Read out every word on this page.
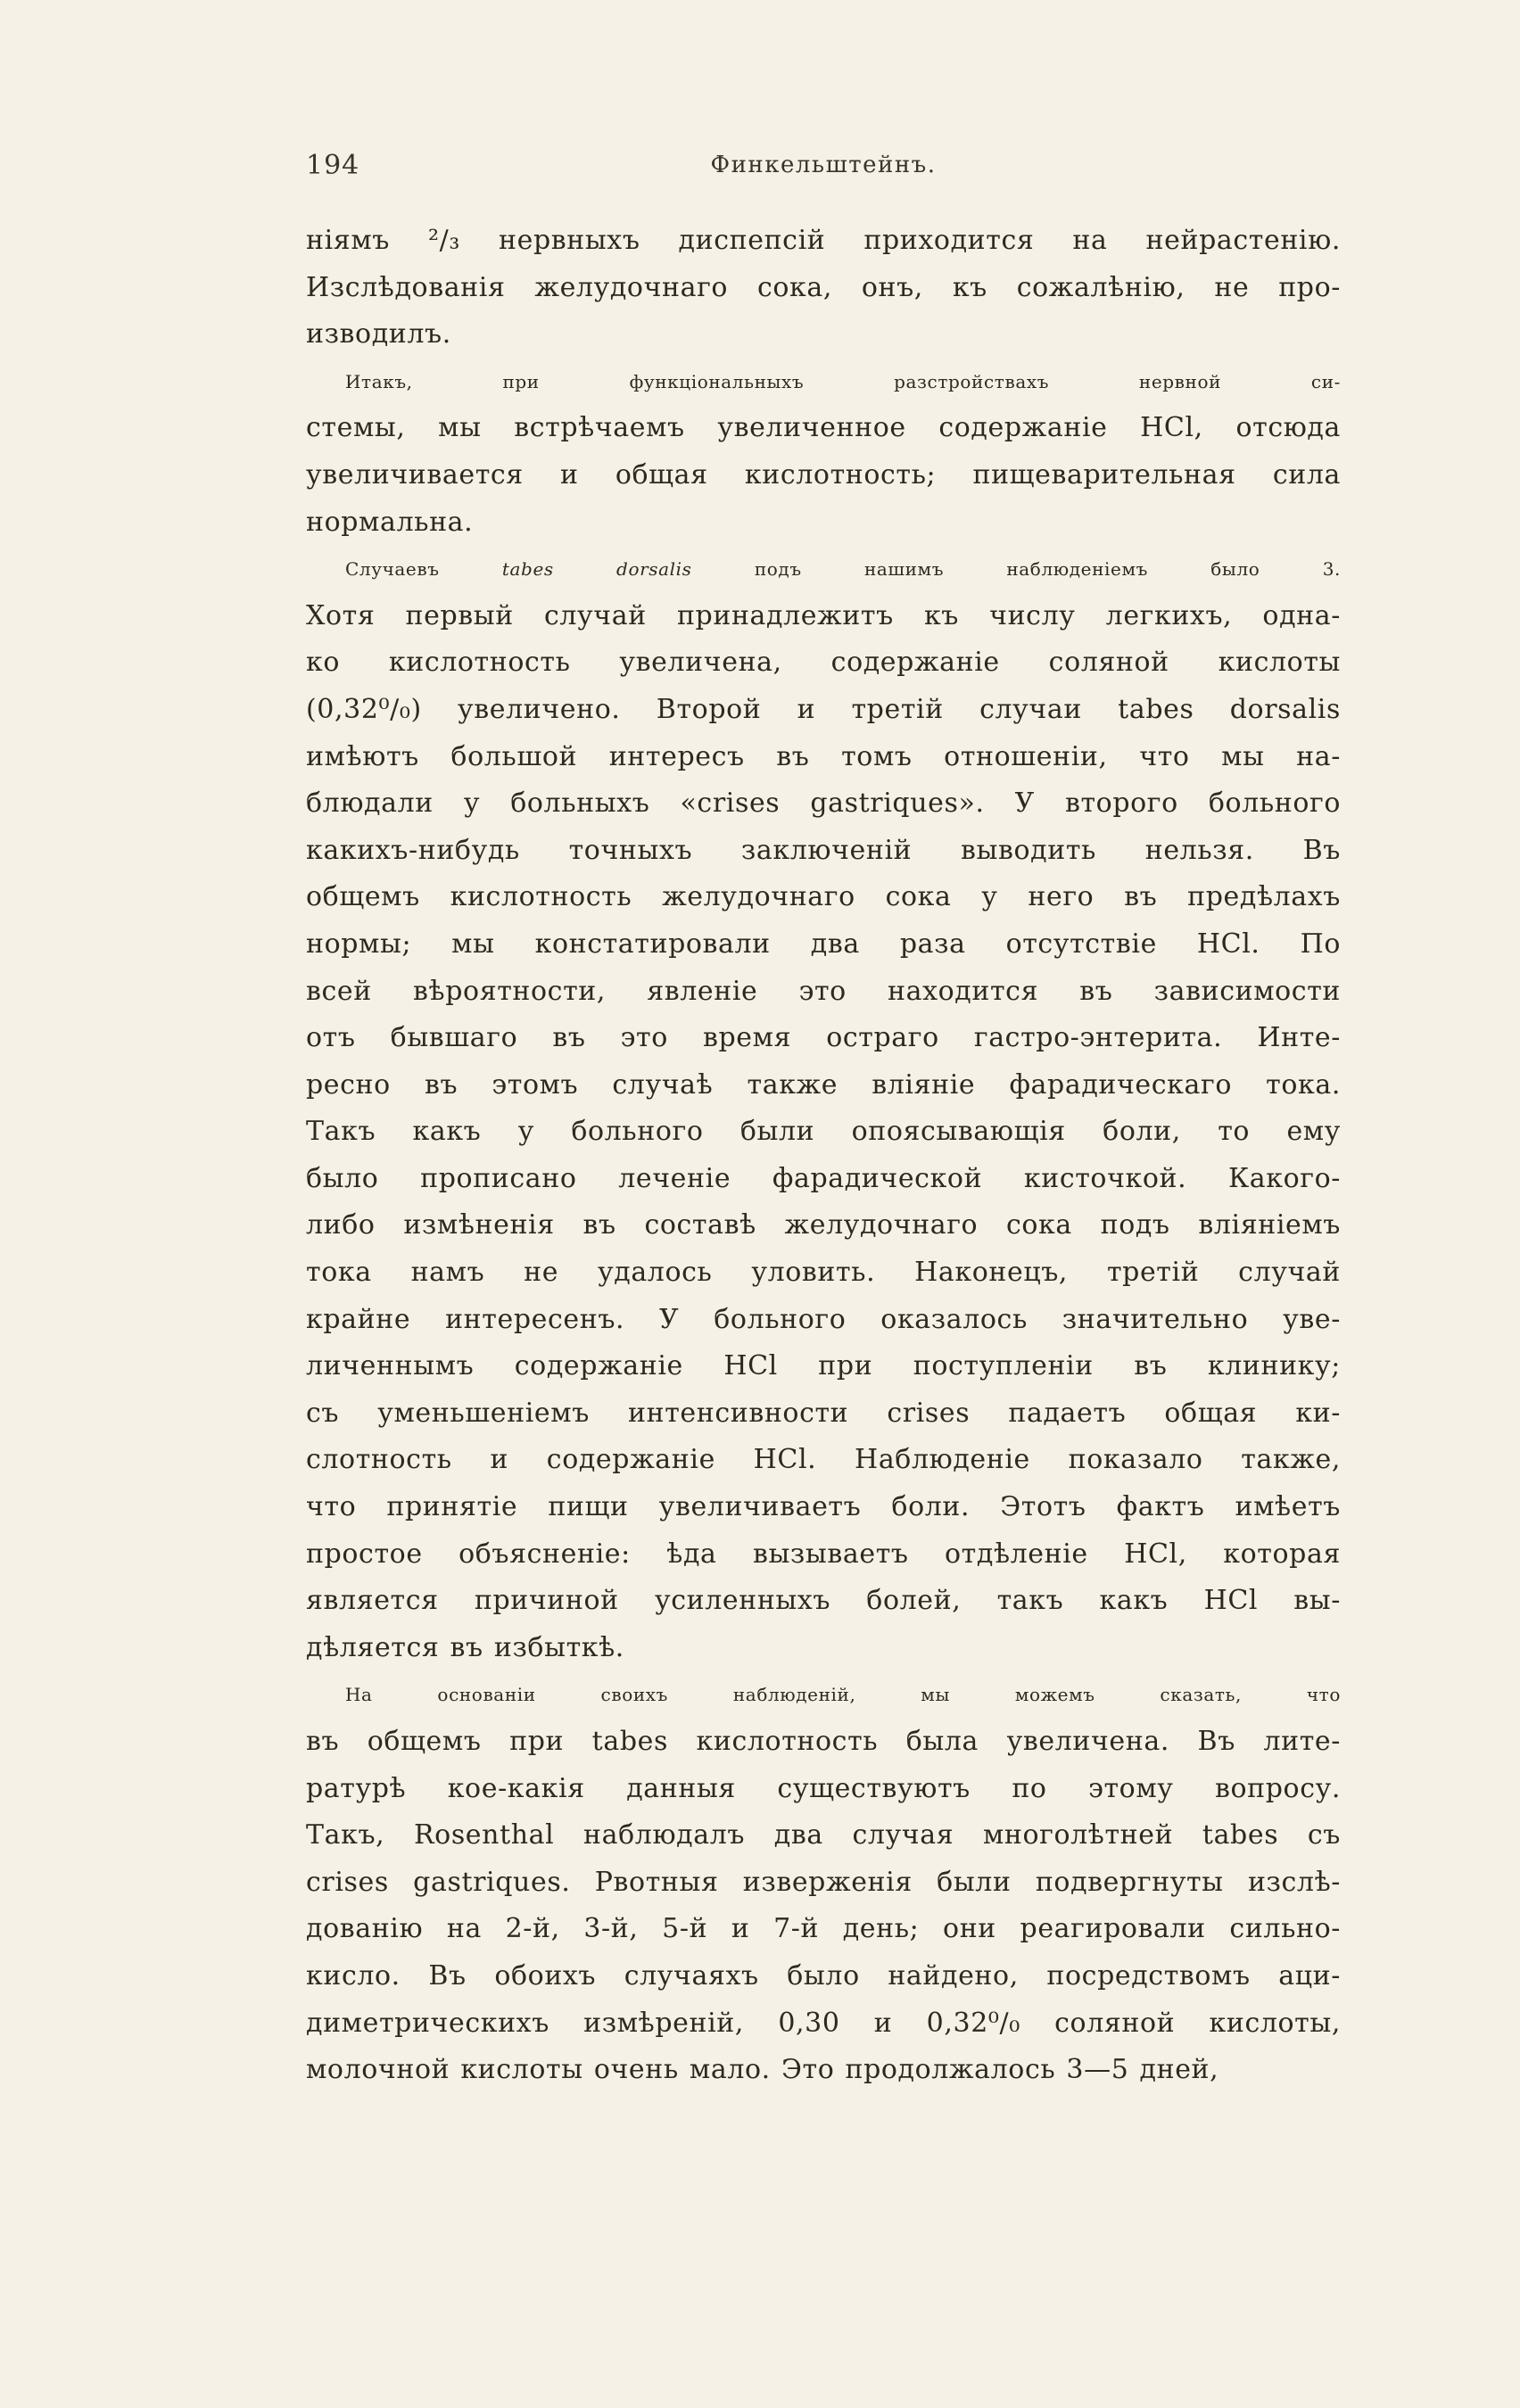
194	Финкельштейнъ.
ніямъ ²/₃ нервныхъ диспепсій приходится на нейрастенію.
Изслѣдованія желудочнаго сока, онъ, къ сожалѣнію, не про-
изводилъ.
Итакъ, при функціональныхъ разстройствахъ нервной си-
стемы, мы встрѣчаемъ увеличенное содержаніе HCl, отсюда
увеличивается и общая кислотность; пищеварительная сила
нормальна.
Случаевъ tabes dorsalis подъ нашимъ наблюденіемъ было 3.
Хотя первый случай принадлежитъ къ числу легкихъ, одна-
ко кислотность увеличена, содержаніе соляной кислоты
(0,32⁰/₀) увеличено. Второй и третій случаи tabes dorsalis
имѣютъ большой интересъ въ томъ отношеніи, что мы на-
блюдали у больныхъ «crises gastriques». У второго больного
какихъ-нибудь точныхъ заключеній выводить нельзя. Въ
общемъ кислотность желудочнаго сока у него въ предѣлахъ
нормы; мы констатировали два раза отсутствіе HCl. По
всей вѣроятности, явленіе это находится въ зависимости
отъ бывшаго въ это время остраго гастро-энтерита. Инте-
ресно въ этомъ случаѣ также вліяніе фарадическаго тока.
Такъ какъ у больного были опоясывающія боли, то ему
было прописано леченіе фарадической кисточкой. Какого-
либо измѣненія въ составѣ желудочнаго сока подъ вліяніемъ
тока намъ не удалось уловить. Наконецъ, третій случай
крайне интересенъ. У больного оказалось значительно уве-
личеннымъ содержаніе HCl при поступленіи въ клинику;
съ уменьшеніемъ интенсивности crises падаетъ общая ки-
слотность и содержаніе HCl. Наблюденіе показало также,
что принятіе пищи увеличиваетъ боли. Этотъ фактъ имѣетъ
простое объясненіе: ѣда вызываетъ отдѣленіе HCl, которая
является причиной усиленныхъ болей, такъ какъ HCl вы-
дѣляется въ избыткѣ.
На основаніи своихъ наблюденій, мы можемъ сказать, что
въ общемъ при tabes кислотность была увеличена. Въ лите-
ратурѣ кое-какія данныя существуютъ по этому вопросу.
Такъ, Rosenthal наблюдалъ два случая многолѣтней tabes съ
crises gastriques. Рвотныя изверженія были подвергнуты изслѣ-
дованію на 2-й, 3-й, 5-й и 7-й день; они реагировали сильно-
кисло. Въ обоихъ случаяхъ было найдено, посредствомъ аци-
диметрическихъ измѣреній, 0,30 и 0,32⁰/₀ соляной кислоты,
молочной кислоты очень мало. Это продолжалось 3—5 дней,
